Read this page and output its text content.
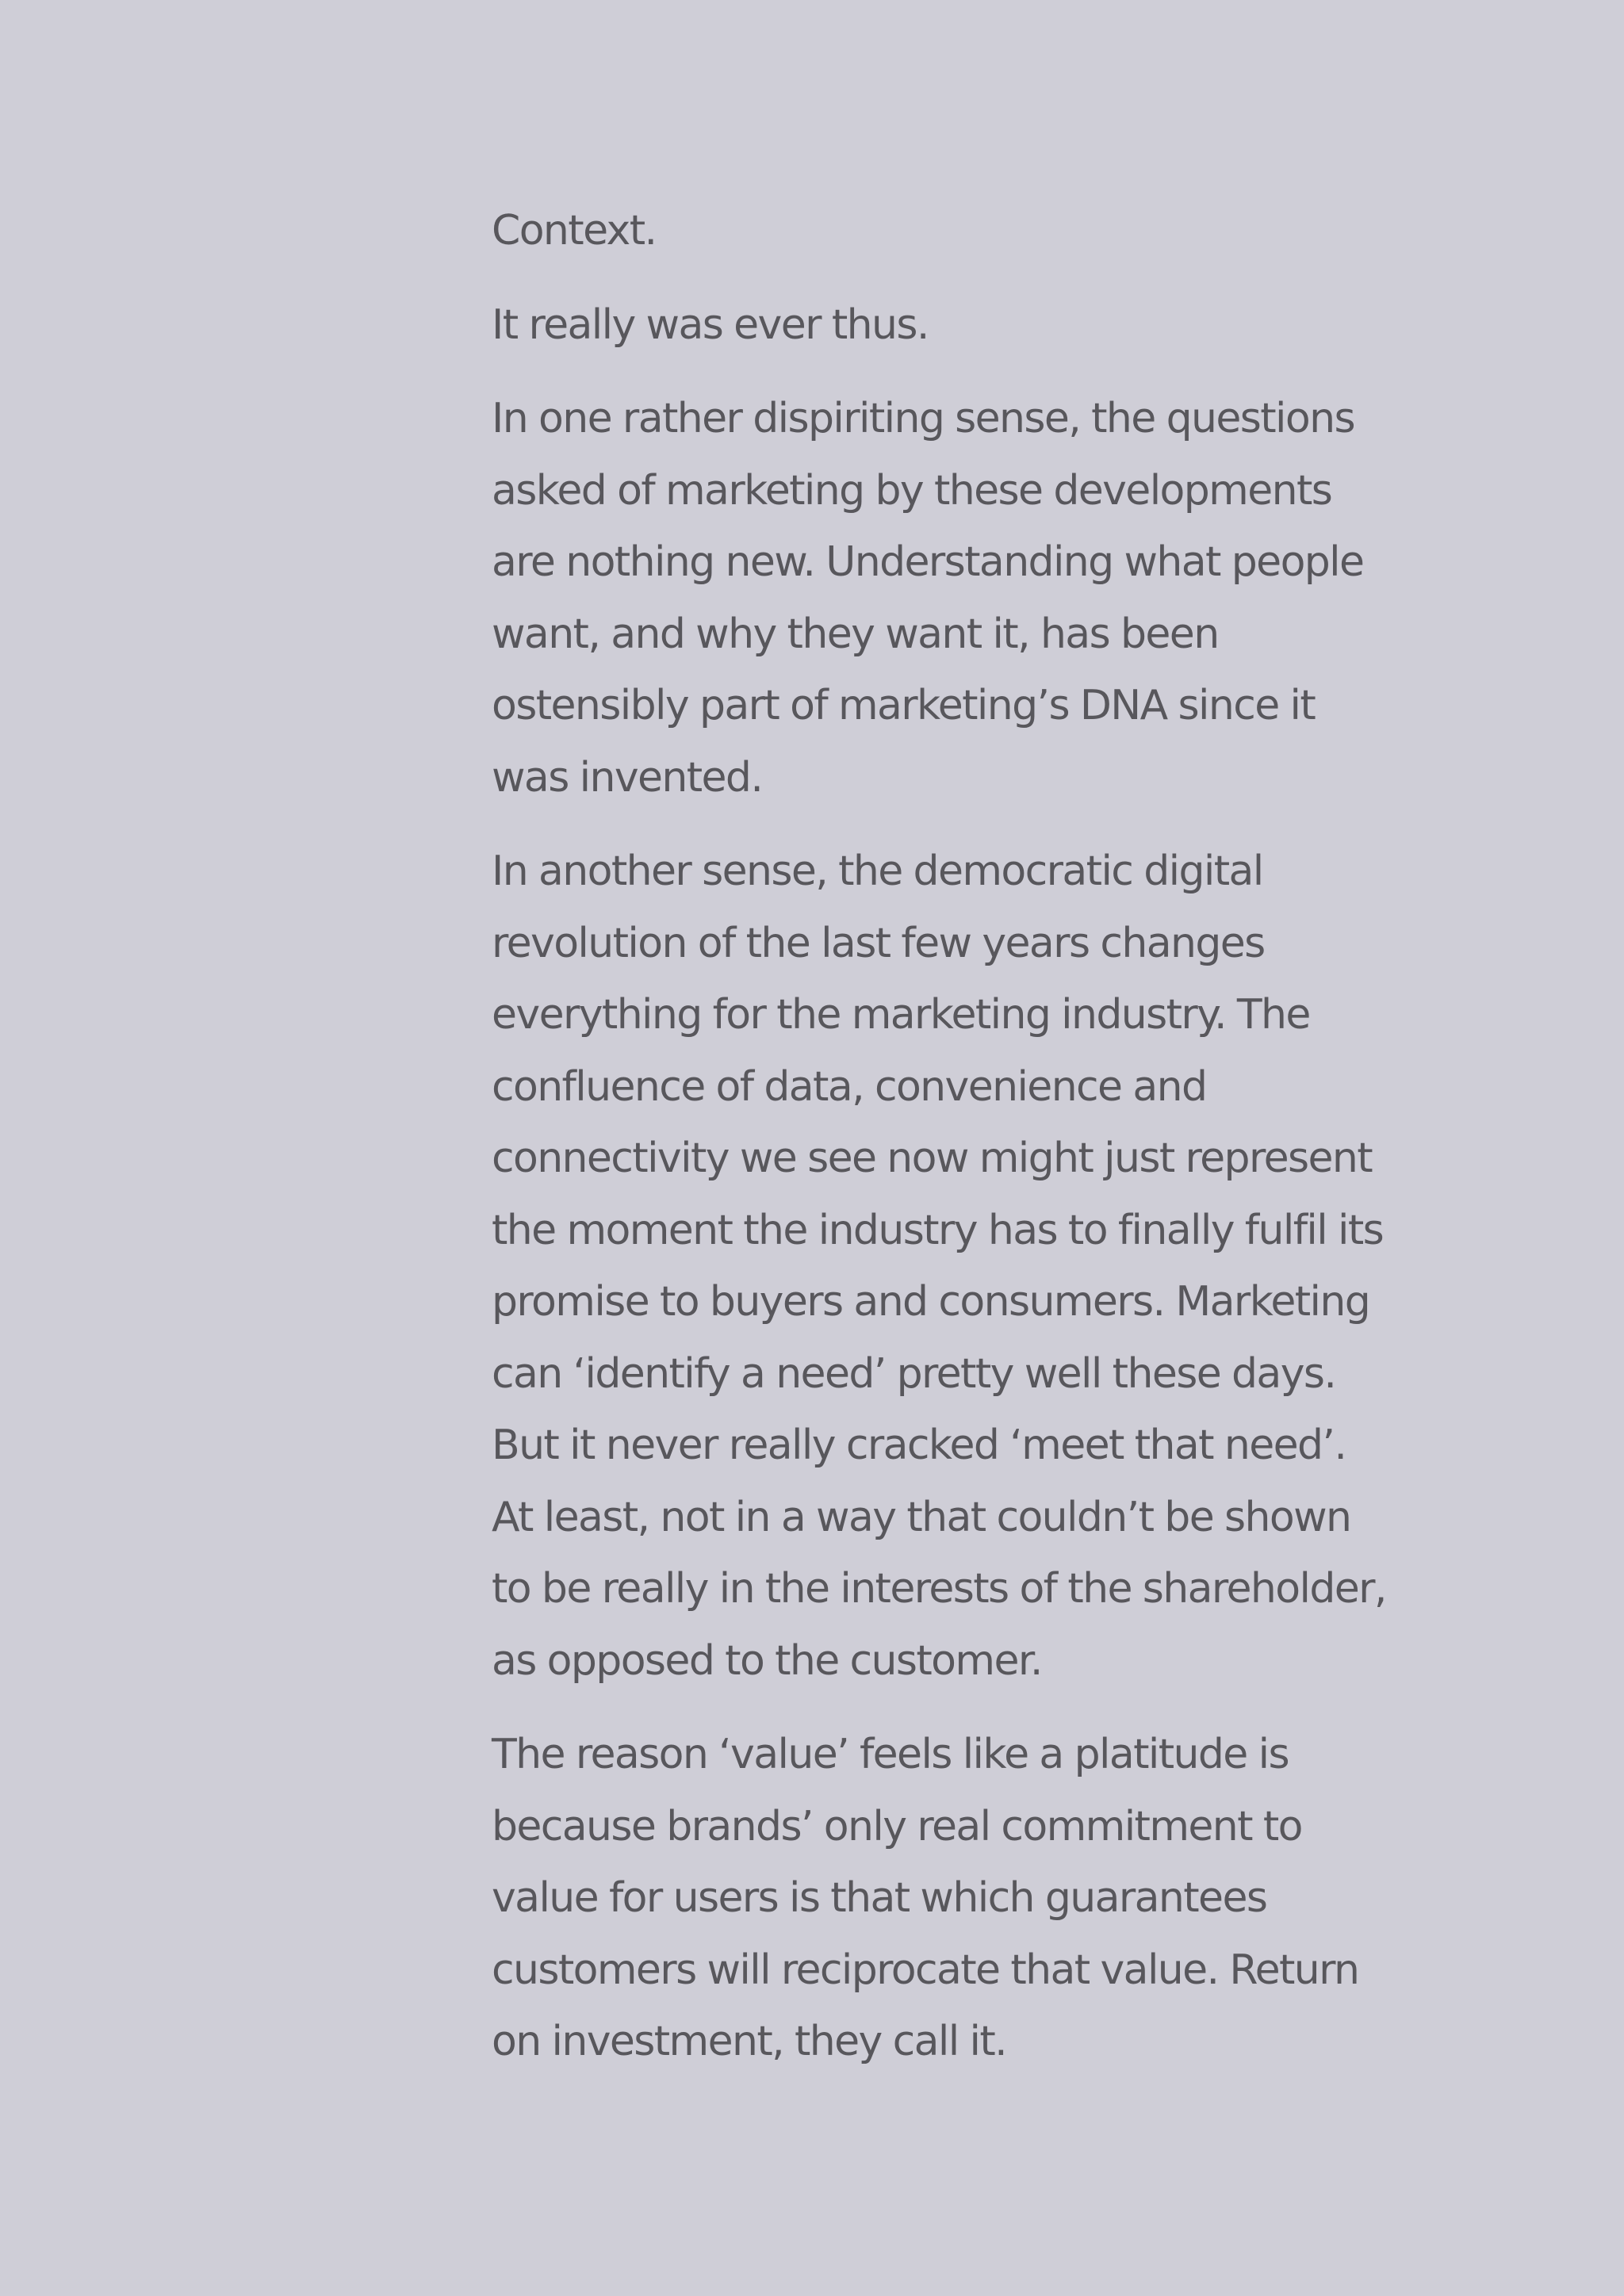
Context.

It really was ever thus.

In one rather dispiriting sense, the questions
asked of marketing by these developments
are nothing new. Understanding what people
want, and why they want it, has been
ostensibly part of marketing’s DNA since it
was invented.

In another sense, the democratic digital
revolution of the last few years changes
everything for the marketing industry. The
confluence of data, convenience and
connectivity we see now might just represent
the moment the industry has to finally fulfil its
promise to buyers and consumers. Marketing
can ‘identify a need’ pretty well these days.
But it never really cracked ‘meet that need’.
At least, not in a way that couldn’t be shown
to be really in the interests of the shareholder,
as opposed to the customer.

The reason ‘value’ feels like a platitude is
because brands’ only real commitment to
value for users is that which guarantees
customers will reciprocate that value. Return
on investment, they call it.
